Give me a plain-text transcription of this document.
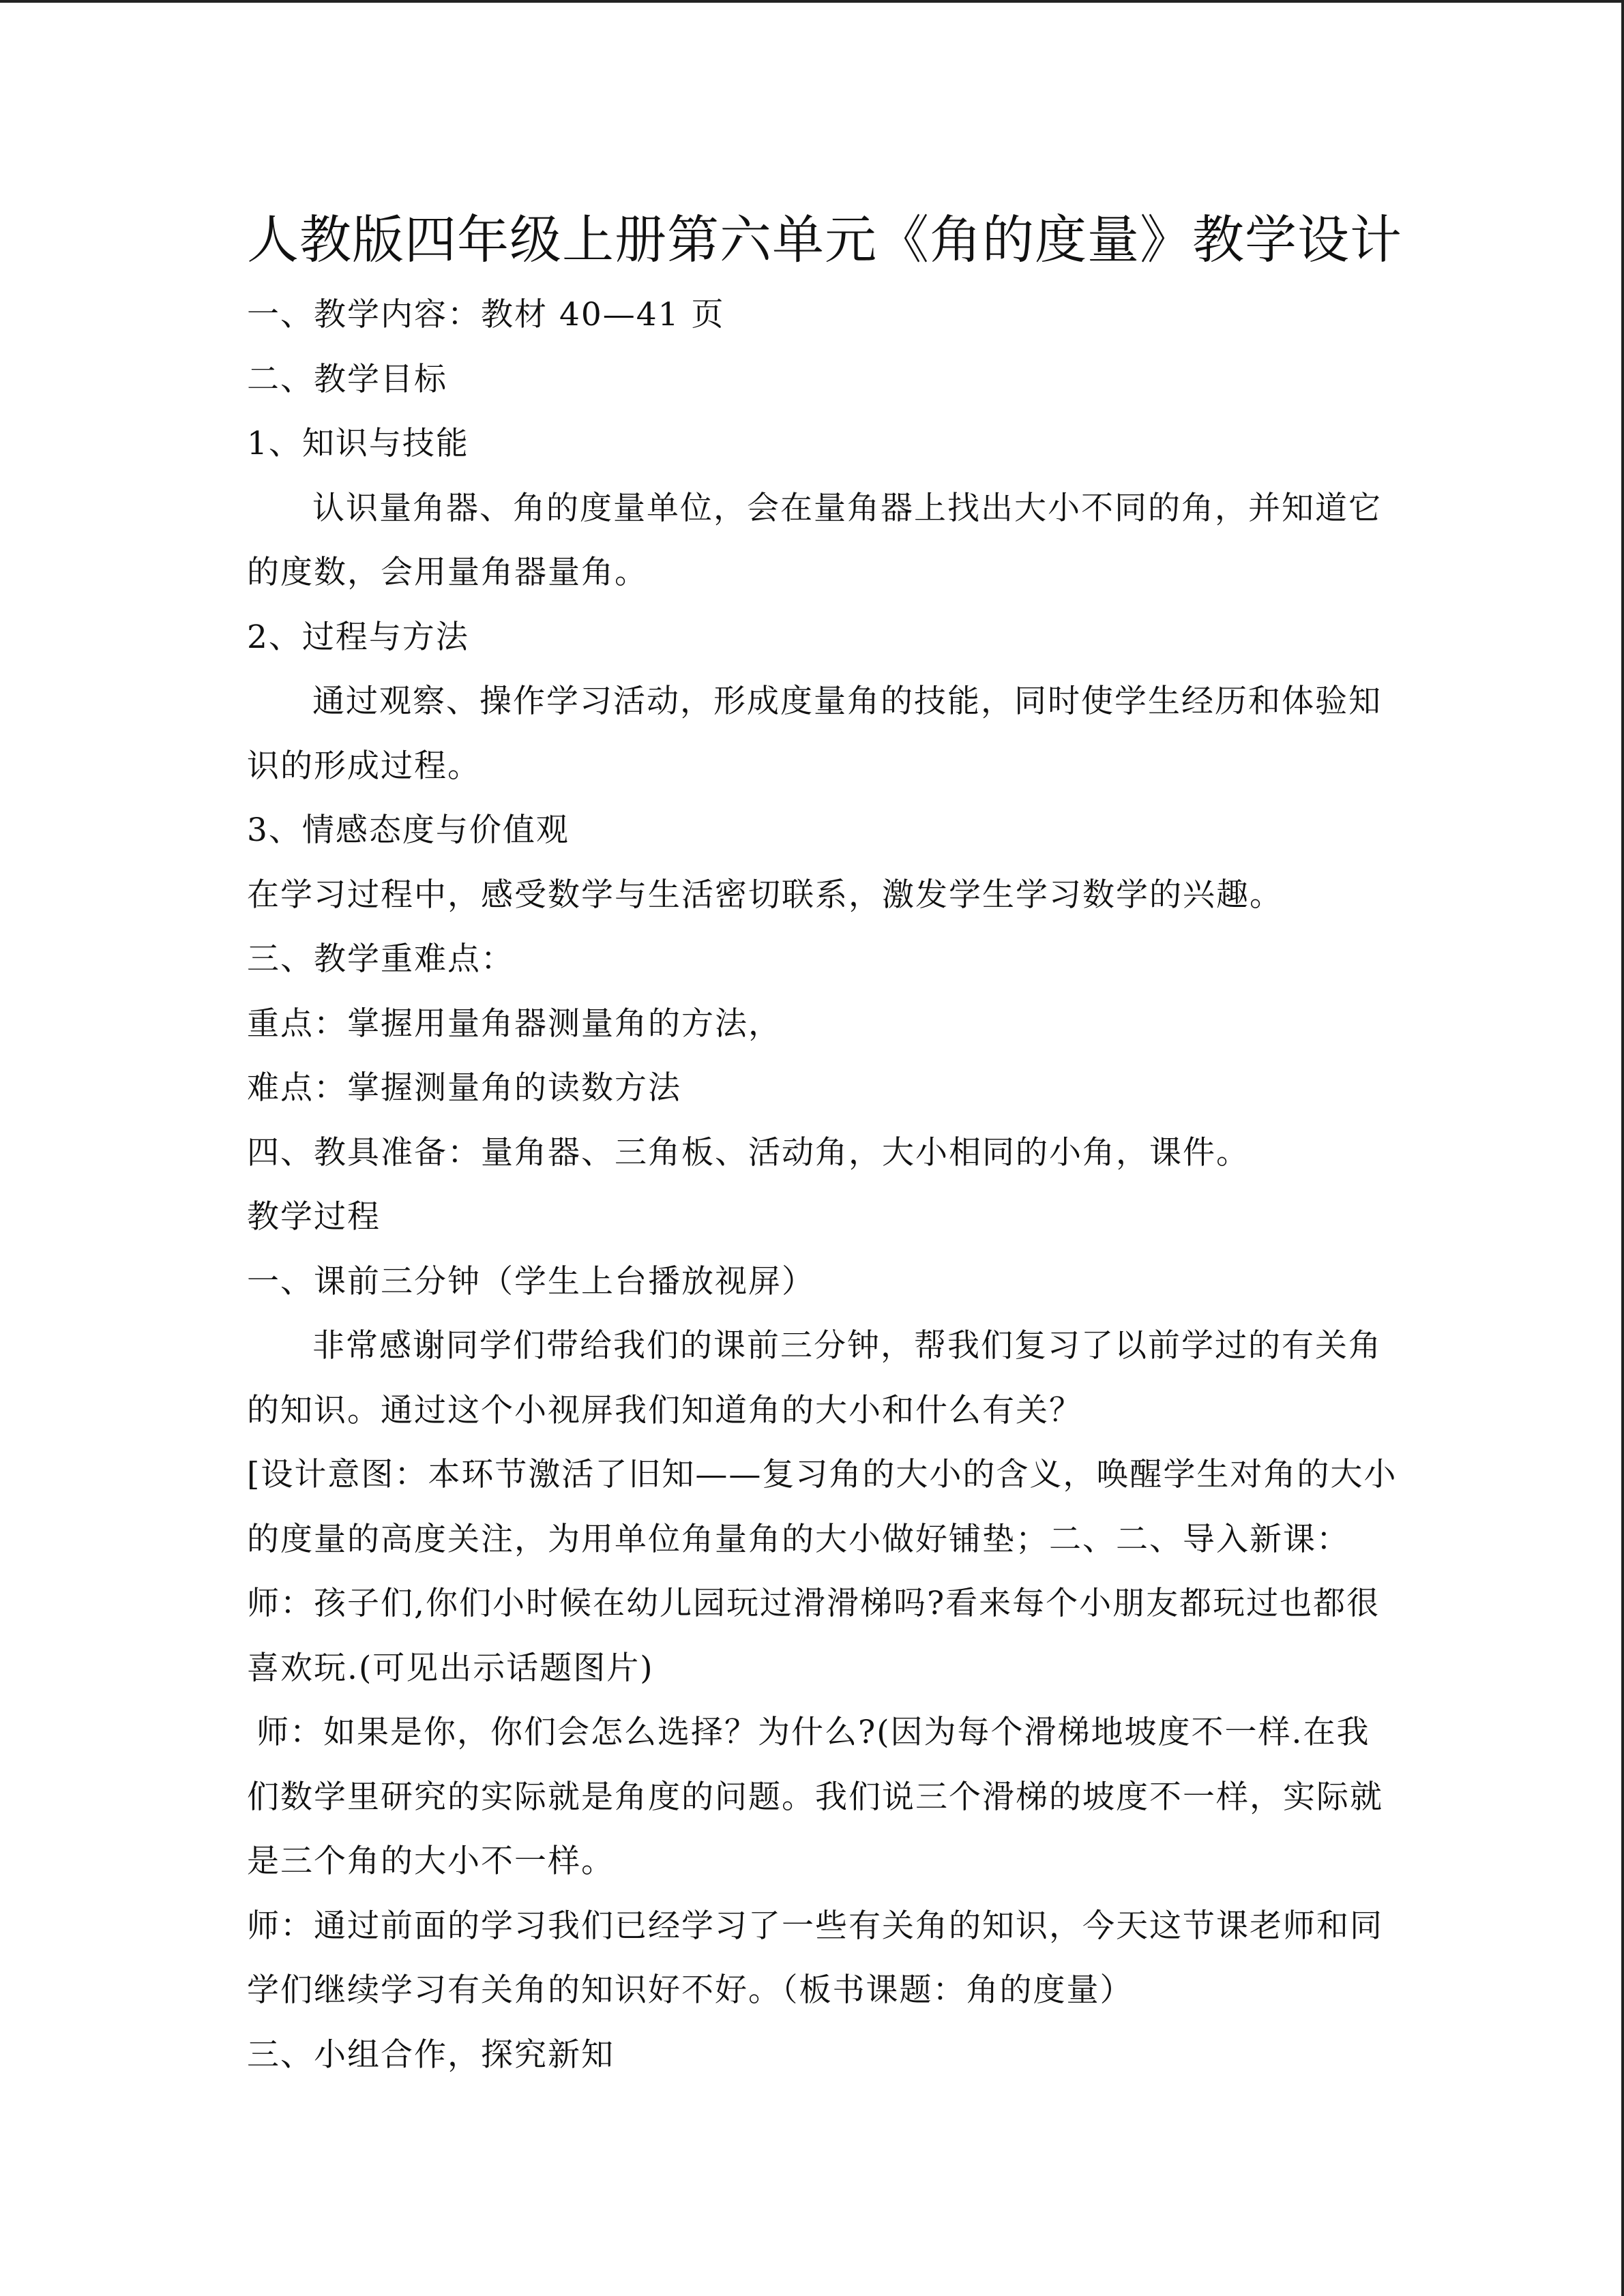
人教版四年级上册第六单元《角的度量》教学设计
一、教学内容：教材 40—41 页
二、教学目标
1、知识与技能
认识量角器、角的度量单位，会在量角器上找出大小不同的角，并知道它
的度数，会用量角器量角。
2、过程与方法
通过观察、操作学习活动，形成度量角的技能，同时使学生经历和体验知
识的形成过程。
3、情感态度与价值观
在学习过程中，感受数学与生活密切联系，激发学生学习数学的兴趣。
三、教学重难点：
重点：掌握用量角器测量角的方法，
难点：掌握测量角的读数方法
四、教具准备：量角器、三角板、活动角，大小相同的小角，课件。
教学过程
一、课前三分钟（学生上台播放视屏）
非常感谢同学们带给我们的课前三分钟，帮我们复习了以前学过的有关角
的知识。通过这个小视屏我们知道角的大小和什么有关？
[设计意图：本环节激活了旧知——复习角的大小的含义，唤醒学生对角的大小
的度量的高度关注，为用单位角量角的大小做好铺垫；二、二、导入新课：
师：孩子们,你们小时候在幼儿园玩过滑滑梯吗?看来每个小朋友都玩过也都很
喜欢玩.(可见出示话题图片)
师：如果是你，你们会怎么选择？为什么?(因为每个滑梯地坡度不一样.在我
们数学里研究的实际就是角度的问题。我们说三个滑梯的坡度不一样，实际就
是三个角的大小不一样。
师：通过前面的学习我们已经学习了一些有关角的知识，今天这节课老师和同
学们继续学习有关角的知识好不好。（板书课题：角的度量）
三、小组合作，探究新知
